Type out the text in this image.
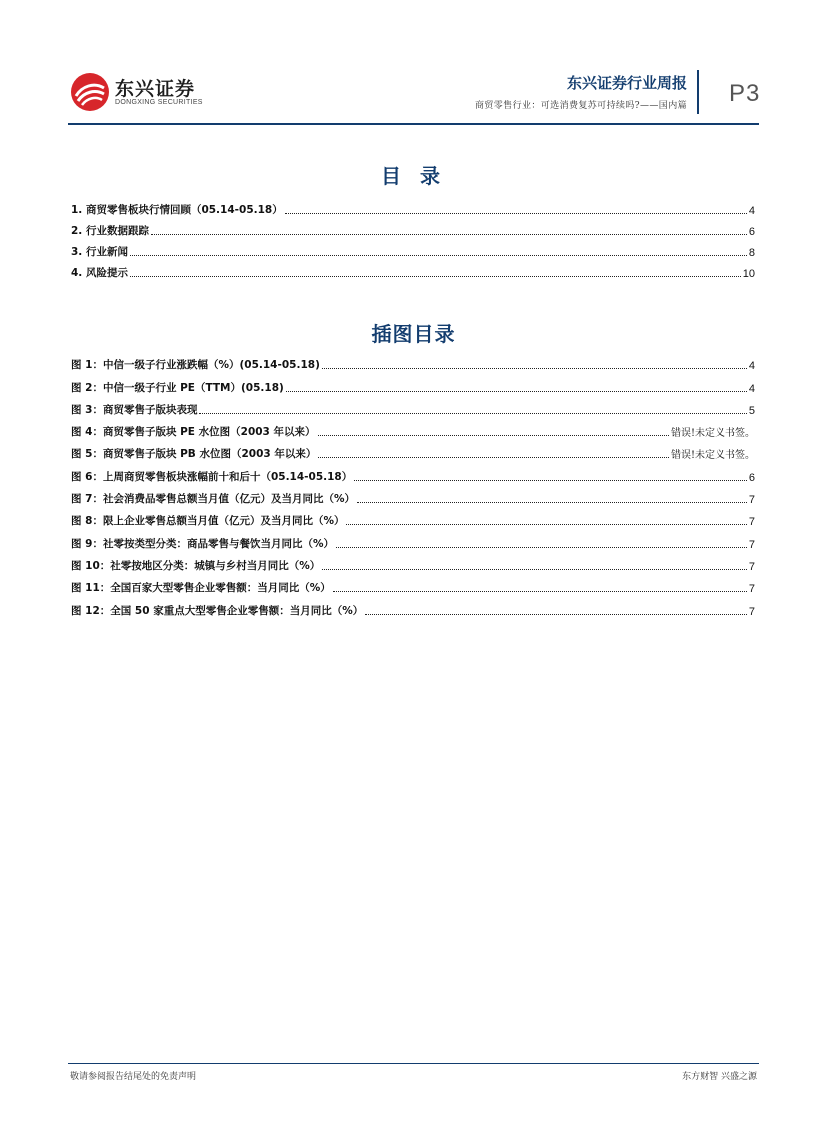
东兴证券
DONGXING SECURITIES
东兴证券行业周报
商贸零售行业：可选消费复苏可持续吗?——国内篇 P3
目 录
1. 商贸零售板块行情回顾（05.14-05.18）	4
2. 行业数据跟踪	6
3. 行业新闻	8
4. 风险提示	10
插图目录
图 1：中信一级子行业涨跌幅（%）(05.14-05.18)	4
图 2：中信一级子行业 PE（TTM）(05.18)	4
图 3：商贸零售子版块表现	5
图 4：商贸零售子版块 PE 水位图（2003 年以来）	错误!未定义书签。
图 5：商贸零售子版块 PB 水位图（2003 年以来）	错误!未定义书签。
图 6：上周商贸零售板块涨幅前十和后十（05.14-05.18）	6
图 7：社会消费品零售总额当月值（亿元）及当月同比（%）	7
图 8：限上企业零售总额当月值（亿元）及当月同比（%）	7
图 9：社零按类型分类：商品零售与餐饮当月同比（%）	7
图 10：社零按地区分类：城镇与乡村当月同比（%）	7
图 11：全国百家大型零售企业零售额：当月同比（%）	7
图 12：全国 50 家重点大型零售企业零售额：当月同比（%）	7
敬请参阅报告结尾处的免责声明	东方财智 兴盛之源
